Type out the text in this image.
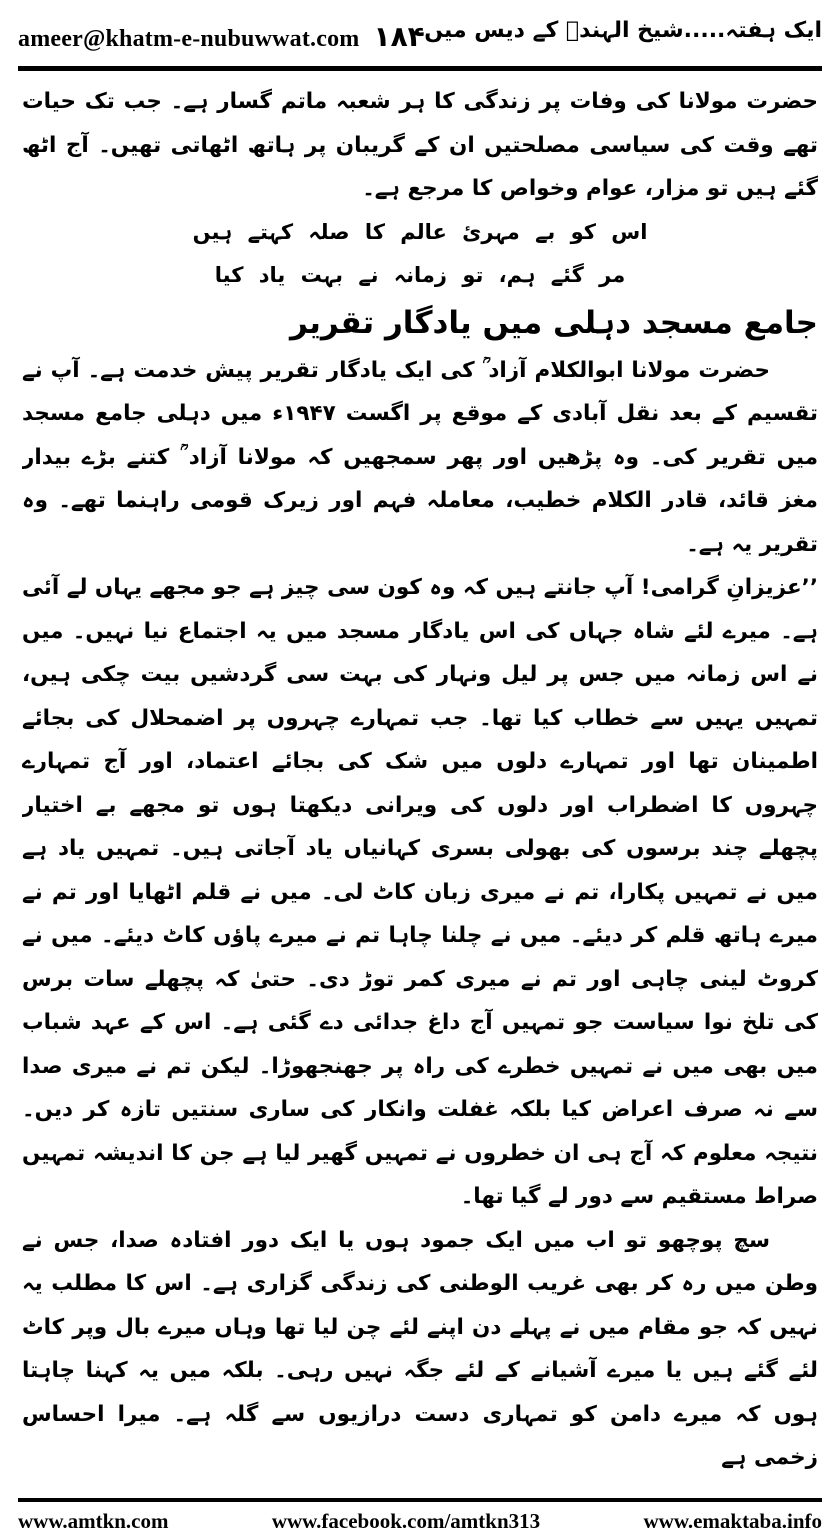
ameer@khatm-e-nubuwwat.com ۱۸۴ ایک ہفتہ.....شیخ الہندؒ کے دیس میں

حضرت مولانا کی وفات پر زندگی کا ہر شعبہ ماتم گسار ہے۔ جب تک حیات تھے وقت کی سیاسی مصلحتیں ان کے گریبان پر ہاتھ اٹھاتی تھیں۔ آج اٹھ گئے ہیں تو مزار، عوام وخواص کا مرجع ہے۔

اس کو بے مہریٔ عالم کا صلہ کہتے ہیں

مر گئے ہم، تو زمانہ نے بہت یاد کیا

جامع مسجد دہلی میں یادگار تقریر

حضرت مولانا ابوالکلام آزاد ؒ کی ایک یادگار تقریر پیش خدمت ہے۔ آپ نے تقسیم کے بعد نقل آبادی کے موقع پر اگست ۱۹۴۷ء میں دہلی جامع مسجد میں تقریر کی۔ وہ پڑھیں اور پھر سمجھیں کہ مولانا آزاد ؒ کتنے بڑے بیدار مغز قائد، قادر الکلام خطیب، معاملہ فہم اور زیرک قومی راہنما تھے۔ وہ تقریر یہ ہے۔

’’عزیزانِ گرامی! آپ جانتے ہیں کہ وہ کون سی چیز ہے جو مجھے یہاں لے آئی ہے۔ میرے لئے شاہ جہاں کی اس یادگار مسجد میں یہ اجتماع نیا نہیں۔ میں نے اس زمانہ میں جس پر لیل ونہار کی بہت سی گردشیں بیت چکی ہیں، تمہیں یہیں سے خطاب کیا تھا۔ جب تمہارے چہروں پر اضمحلال کی بجائے اطمینان تھا اور تمہارے دلوں میں شک کی بجائے اعتماد، اور آج تمہارے چہروں کا اضطراب اور دلوں کی ویرانی دیکھتا ہوں تو مجھے بے اختیار پچھلے چند برسوں کی بھولی بسری کہانیاں یاد آجاتی ہیں۔ تمہیں یاد ہے میں نے تمہیں پکارا، تم نے میری زبان کاٹ لی۔ میں نے قلم اٹھایا اور تم نے میرے ہاتھ قلم کر دیئے۔ میں نے چلنا چاہا تم نے میرے پاؤں کاٹ دیئے۔ میں نے کروٹ لینی چاہی اور تم نے میری کمر توڑ دی۔ حتیٰ کہ پچھلے سات برس کی تلخ نوا سیاست جو تمہیں آج داغ جدائی دے گئی ہے۔ اس کے عہد شباب میں بھی میں نے تمہیں خطرے کی راہ پر جھنجھوڑا۔ لیکن تم نے میری صدا سے نہ صرف اعراض کیا بلکہ غفلت وانکار کی ساری سنتیں تازہ کر دیں۔ نتیجہ معلوم کہ آج ہی ان خطروں نے تمہیں گھیر لیا ہے جن کا اندیشہ تمہیں صراط مستقیم سے دور لے گیا تھا۔

سچ پوچھو تو اب میں ایک جمود ہوں یا ایک دور افتادہ صدا، جس نے وطن میں رہ کر بھی غریب الوطنی کی زندگی گزاری ہے۔ اس کا مطلب یہ نہیں کہ جو مقام میں نے پہلے دن اپنے لئے چن لیا تھا وہاں میرے بال وپر کاٹ لئے گئے ہیں یا میرے آشیانے کے لئے جگہ نہیں رہی۔ بلکہ میں یہ کہنا چاہتا ہوں کہ میرے دامن کو تمہاری دست درازیوں سے گلہ ہے۔ میرا احساس زخمی ہے

www.amtkn.com	www.facebook.com/amtkn313	www.emaktaba.info
